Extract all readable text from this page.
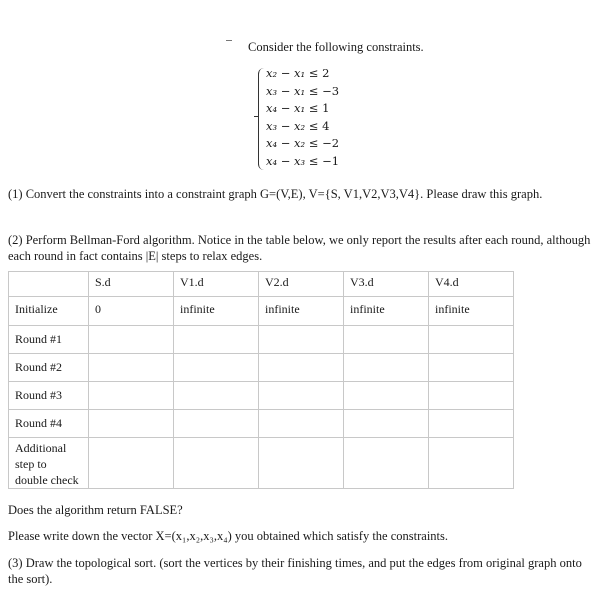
Consider the following constraints.
x₂ − x₁ ≤ 2
x₃ − x₁ ≤ −3
x₄ − x₁ ≤ 1
x₃ − x₂ ≤ 4
x₄ − x₂ ≤ −2
x₄ − x₃ ≤ −1
(1) Convert the constraints into a constraint graph G=(V,E), V={S, V1,V2,V3,V4}. Please draw this graph.
(2) Perform Bellman-Ford algorithm. Notice in the table below, we only report the results after each round, although each round in fact contains |E| steps to relax edges.
	S.d	V1.d	V2.d	V3.d	V4.d
Initialize	0	infinite	infinite	infinite	infinite
Round #1					
Round #2					
Round #3					
Round #4					
Additional step to double check					
Does the algorithm return FALSE?
Please write down the vector X=(x₁,x₂,x₃,x₄) you obtained which satisfy the constraints.
(3) Draw the topological sort. (sort the vertices by their finishing times, and put the edges from original graph onto the sort).
